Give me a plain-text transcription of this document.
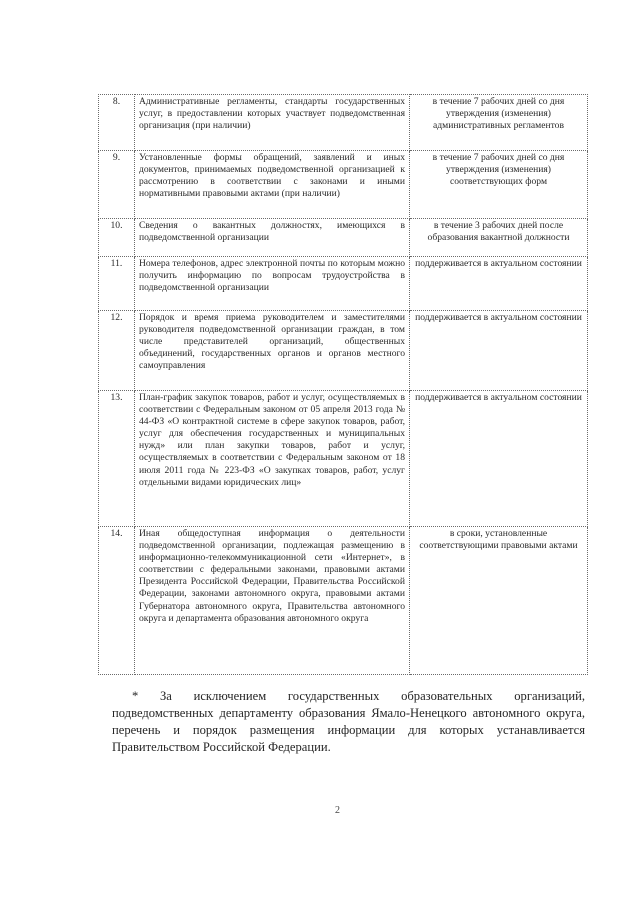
8.	Административные регламенты, стандарты государственных услуг, в предоставлении которых участвует подведомственная организация (при наличии)	в течение 7 рабочих дней со дня утверждения (изменения) административных регламентов
9.	Установленные формы обращений, заявлений и иных документов, принимаемых подведомственной организацией к рассмотрению в соответствии с законами и иными нормативными правовыми актами (при наличии)	в течение 7 рабочих дней со дня утверждения (изменения) соответствующих форм
10.	Сведения о вакантных должностях, имеющихся в подведомственной организации	в течение 3 рабочих дней после образования вакантной должности
11.	Номера телефонов, адрес электронной почты по которым можно получить информацию по вопросам трудоустройства в подведомственной организации	поддерживается в актуальном состоянии
12.	Порядок и время приема руководителем и заместителями руководителя подведомственной организации граждан, в том числе представителей организаций, общественных объединений, государственных органов и органов местного самоуправления	поддерживается в актуальном состоянии
13.	План-график закупок товаров, работ и услуг, осуществляемых в соответствии с Федеральным законом от 05 апреля 2013 года № 44-ФЗ «О контрактной системе в сфере закупок товаров, работ, услуг для обеспечения государственных и муниципальных нужд» или план закупки товаров, работ и услуг, осуществляемых в соответствии с Федеральным законом от 18 июля 2011 года № 223-ФЗ «О закупках товаров, работ, услуг отдельными видами юридических лиц»	поддерживается в актуальном состоянии
14.	Иная общедоступная информация о деятельности подведомственной организации, подлежащая размещению в информационно-телекоммуникационной сети «Интернет», в соответствии с федеральными законами, правовыми актами Президента Российской Федерации, Правительства Российской Федерации, законами автономного округа, правовыми актами Губернатора автономного округа, Правительства автономного округа и департамента образования автономного округа	в сроки, установленные соответствующими правовыми актами

* За исключением государственных образовательных организаций, подведомственных департаменту образования Ямало-Ненецкого автономного округа, перечень и порядок размещения информации для которых устанавливается Правительством Российской Федерации.

2
